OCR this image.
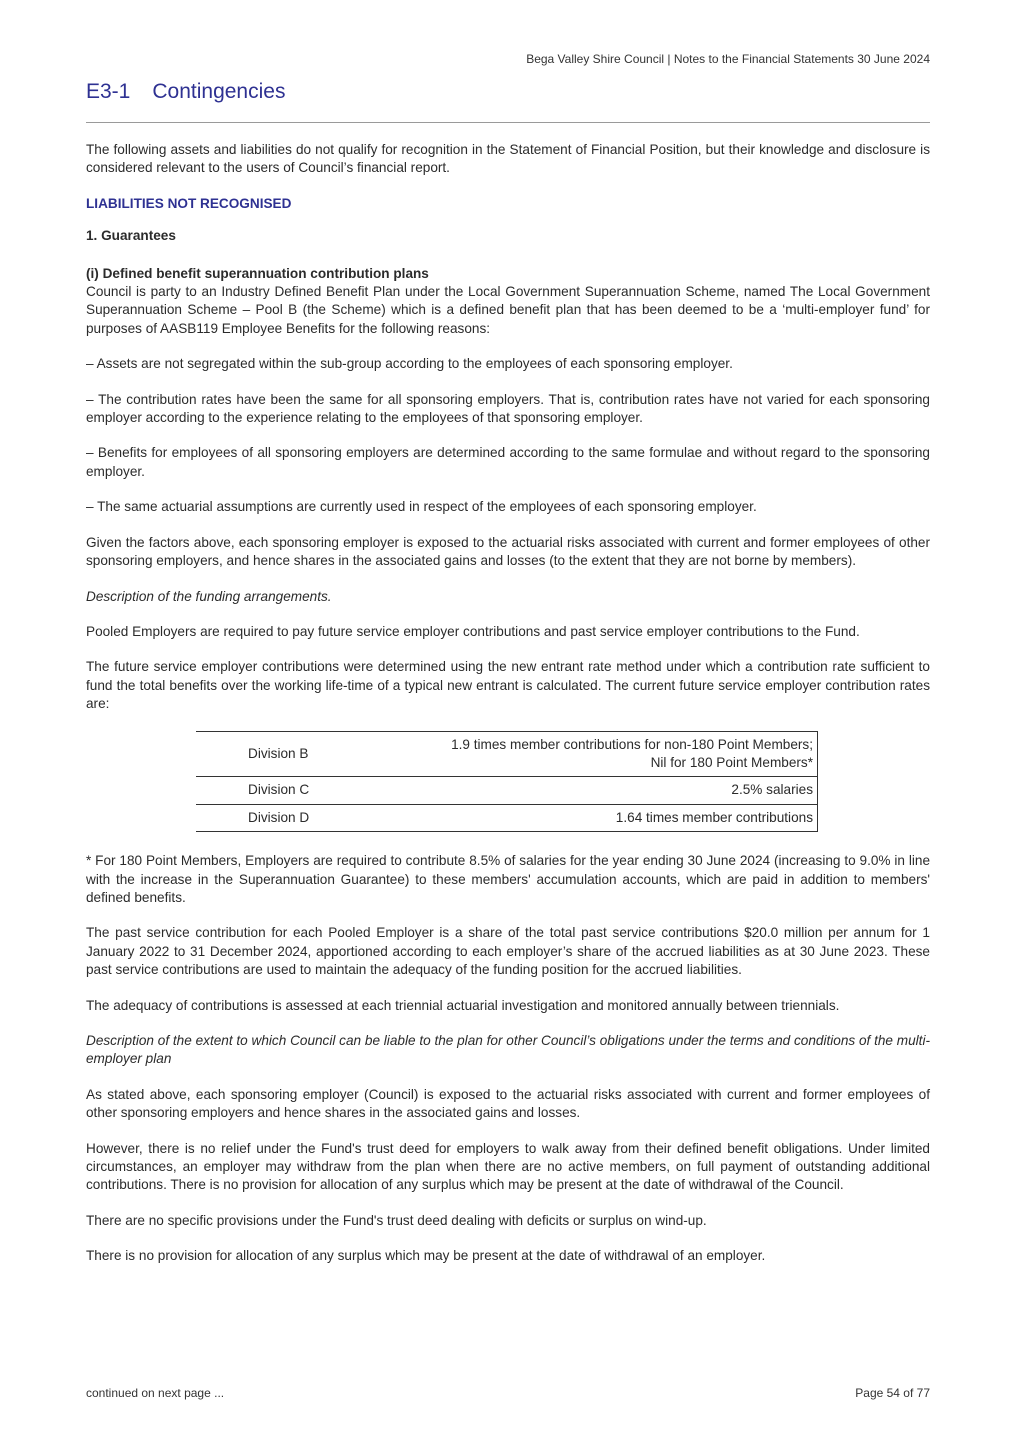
Bega Valley Shire Council | Notes to the Financial Statements 30 June 2024
E3-1 Contingencies

The following assets and liabilities do not qualify for recognition in the Statement of Financial Position, but their knowledge and disclosure is considered relevant to the users of Council’s financial report.

LIABILITIES NOT RECOGNISED
1. Guarantees
(i) Defined benefit superannuation contribution plans

Council is party to an Industry Defined Benefit Plan under the Local Government Superannuation Scheme, named The Local Government Superannuation Scheme – Pool B (the Scheme) which is a defined benefit plan that has been deemed to be a ‘multi-employer fund’ for purposes of AASB119 Employee Benefits for the following reasons:

– Assets are not segregated within the sub-group according to the employees of each sponsoring employer.

– The contribution rates have been the same for all sponsoring employers. That is, contribution rates have not varied for each sponsoring employer according to the experience relating to the employees of that sponsoring employer.

– Benefits for employees of all sponsoring employers are determined according to the same formulae and without regard to the sponsoring employer.

– The same actuarial assumptions are currently used in respect of the employees of each sponsoring employer.

Given the factors above, each sponsoring employer is exposed to the actuarial risks associated with current and former employees of other sponsoring employers, and hence shares in the associated gains and losses (to the extent that they are not borne by members).

Description of the funding arrangements.

Pooled Employers are required to pay future service employer contributions and past service employer contributions to the Fund.

The future service employer contributions were determined using the new entrant rate method under which a contribution rate sufficient to fund the total benefits over the working life-time of a typical new entrant is calculated. The current future service employer contribution rates are:

Division B	1.9 times member contributions for non-180 Point Members;
Nil for 180 Point Members*

Division C	2.5% salaries

Division D	1.64 times member contributions

* For 180 Point Members, Employers are required to contribute 8.5% of salaries for the year ending 30 June 2024 (increasing to 9.0% in line with the increase in the Superannuation Guarantee) to these members' accumulation accounts, which are paid in addition to members' defined benefits.

The past service contribution for each Pooled Employer is a share of the total past service contributions $20.0 million per annum for 1 January 2022 to 31 December 2024, apportioned according to each employer’s share of the accrued liabilities as at 30 June 2023. These past service contributions are used to maintain the adequacy of the funding position for the accrued liabilities.

The adequacy of contributions is assessed at each triennial actuarial investigation and monitored annually between triennials.

Description of the extent to which Council can be liable to the plan for other Council’s obligations under the terms and conditions of the multi-employer plan

As stated above, each sponsoring employer (Council) is exposed to the actuarial risks associated with current and former employees of other sponsoring employers and hence shares in the associated gains and losses.

However, there is no relief under the Fund's trust deed for employers to walk away from their defined benefit obligations. Under limited circumstances, an employer may withdraw from the plan when there are no active members, on full payment of outstanding additional contributions. There is no provision for allocation of any surplus which may be present at the date of withdrawal of the Council.

There are no specific provisions under the Fund's trust deed dealing with deficits or surplus on wind-up.

There is no provision for allocation of any surplus which may be present at the date of withdrawal of an employer.

continued on next page ...	Page 54 of 77
